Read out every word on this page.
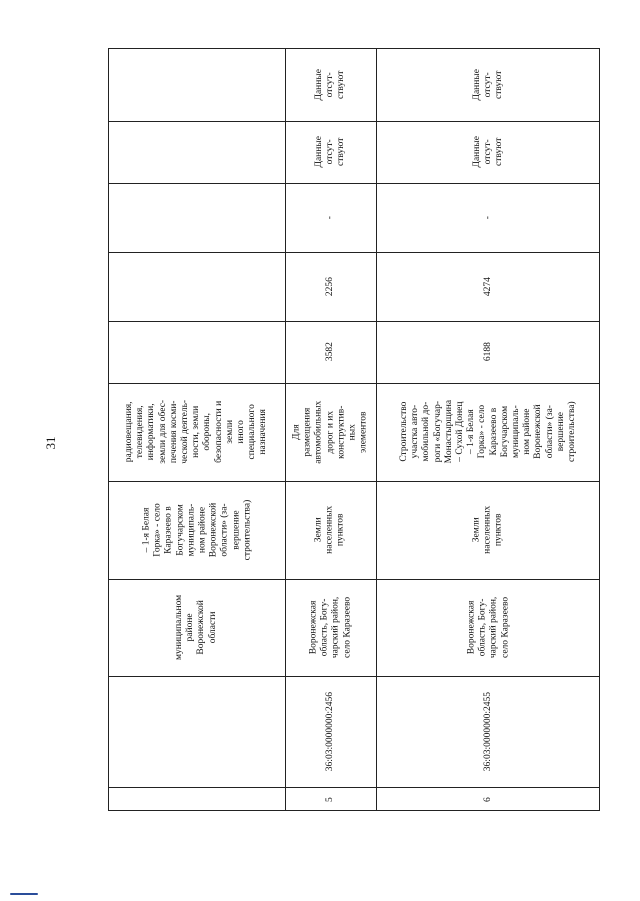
31
– 1-я Белая
Горка» - село
Каразеево в
Богучарском
муниципаль-
ном районе
Воронежской
области» (за-
вершение
строительства)
радиовещания,
телевидения,
информатики,
земли для обес-
печения косми-
ческой деятель-
ности, земли
обороны,
безопасности и
земли
иного
специального
назначения
муниципальном
районе
Воронежской
области
5
36:03:0000000:2456
Воронежская
область, Богу-
чарский район,
село Каразеево
Земли
населенных
пунктов
Для
размещения
автомобильных
дорог и их
конструктив-
ных
элементов
3582
2256
-
Данные
отсут-
ствуют
Данные
отсут-
ствуют
6
36:03:0000000:2455
Воронежская
область, Богу-
чарский район,
село Каразеево
Земли
населенных
пунктов
Строительство
участка авто-
мобильной до-
роги «Богучар-
Монастырщина
– Сухой Донец
– 1-я Белая
Горка» - село
Каразеево в
Богучарском
муниципаль-
ном районе
Воронежской
области» (за-
вершение
строительства)
6188
4274
-
Данные
отсут-
ствуют
Данные
отсут-
ствуют
